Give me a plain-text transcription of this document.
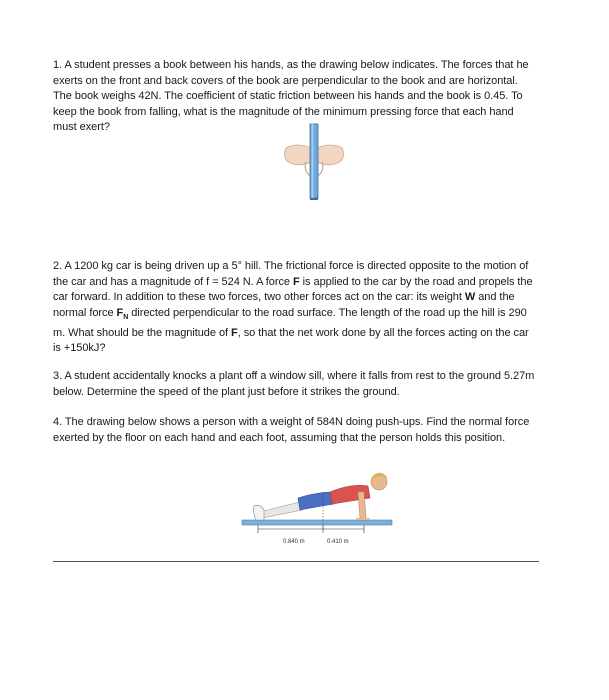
1. A student presses a book between his hands, as the drawing below indicates. The forces that he exerts on the front and back covers of the book are perpendicular to the book and are horizontal. The book weighs 42N. The coefficient of static friction between his hands and the book is 0.45. To keep the book from falling, what is the magnitude of the minimum pressing force that each hand must exert?

2. A 1200 kg car is being driven up a 5° hill. The frictional force is directed opposite to the motion of the car and has a magnitude of f = 524 N. A force F is applied to the car by the road and propels the car forward. In addition to these two forces, two other forces act on the car: its weight W and the normal force $F_N$ directed perpendicular to the road surface. The length of the road up the hill is 290 m. What should be the magnitude of F, so that the net work done by all the forces acting on the car is +150kJ?

3. A student accidentally knocks a plant off a window sill, where it falls from rest to the ground 5.27m below. Determine the speed of the plant just before it strikes the ground.

4. The drawing below shows a person with a weight of 584N doing push-ups. Find the normal force exerted by the floor on each hand and each foot, assuming that the person holds this position.

0.840 m	0.410 m
